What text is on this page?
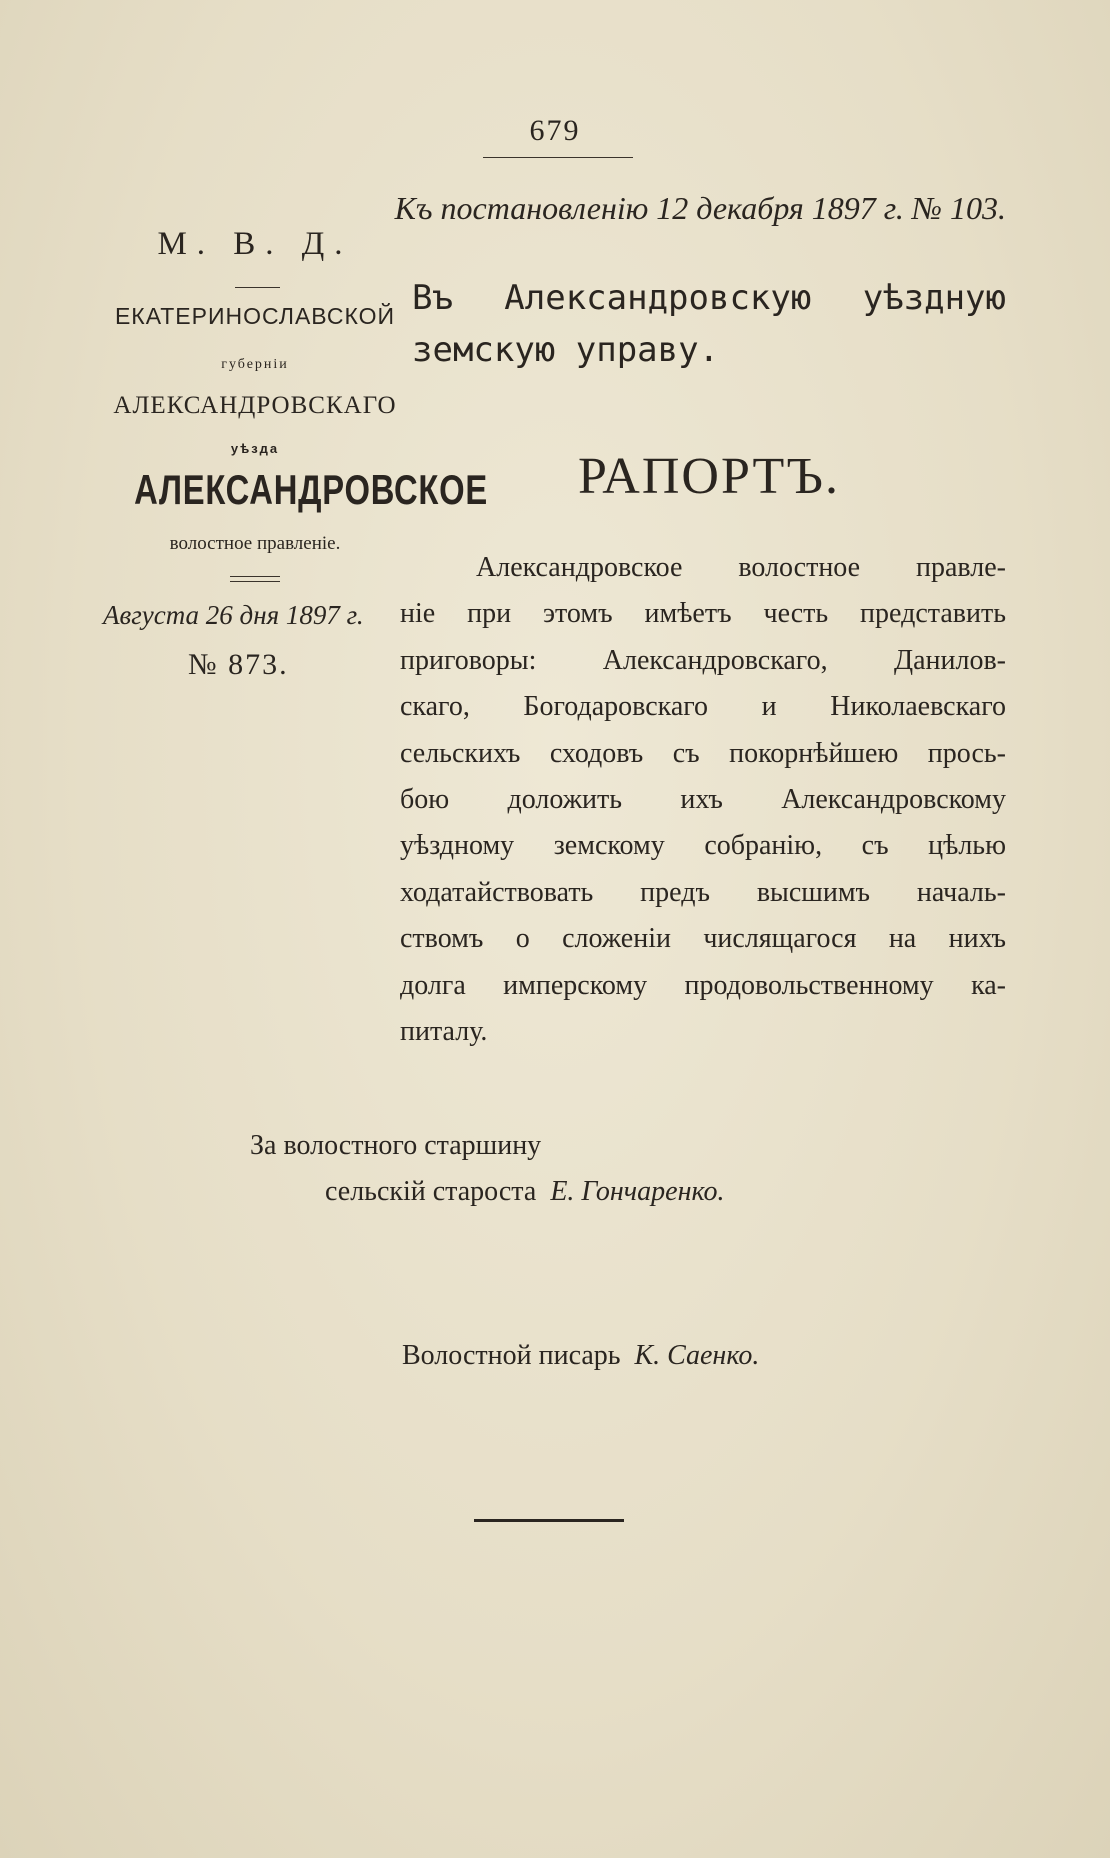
679
Къ постановленію 12 декабря 1897 г. № 103.
М. В. Д.
ЕКАТЕРИНОСЛАВСКОЙ
губерніи
АЛЕКСАНДРОВСКАГО
уѣзда
АЛЕКСАНДРОВСКОЕ
волостное правленіе.
Августа 26 дня 1897 г.
№ 873.
Въ Александровскую уѣздную
земскую управу.
РАПОРТЪ.
Александровское волостное правле-
ніе при этомъ имѣетъ честь представить
приговоры: Александровскаго, Данилов-
скаго, Богодаровскаго и Николаевскаго
сельскихъ сходовъ съ покорнѣйшею прось-
бою доложить ихъ Александровскому
уѣздному земскому собранію, съ цѣлью
ходатайствовать предъ высшимъ началь-
ствомъ о сложеніи числящагося на нихъ
долга имперскому продовольственному ка-
питалу.
За волостного старшину
сельскій староста Е. Гончаренко.
Волостной писарь К. Саенко.
